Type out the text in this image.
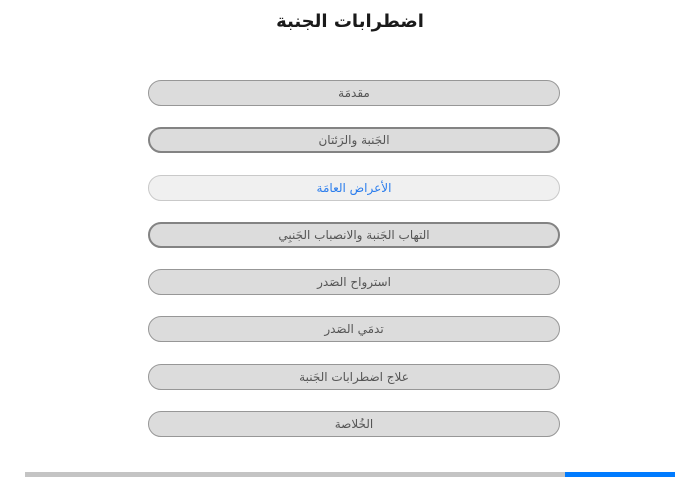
اضطرابات الجنبة
مقدمَة
الجَنبة والرَئتان
الأعراض العامَة
التهاب الجَنبة والانصباب الجَنبِي
استرواح الصَدر
تدمَي الصَدر
علاج اضطرابات الجَنبة
الخُلاصة
